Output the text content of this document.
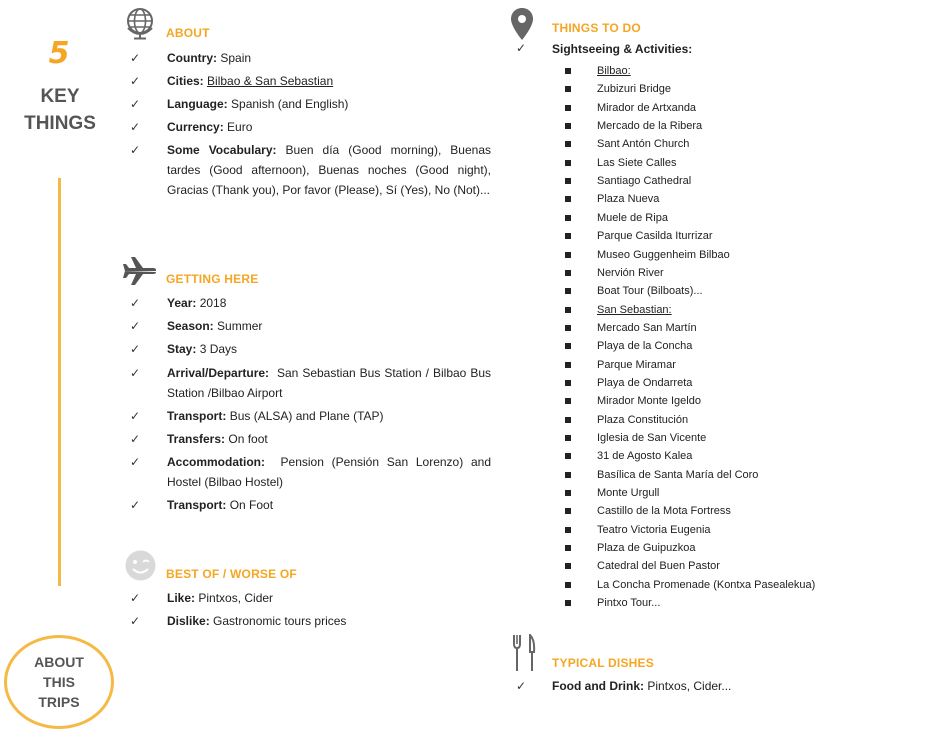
5
KEY
THINGS
ABOUT
THIS
TRIPS
ABOUT
✓ Country: Spain
✓ Cities: Bilbao & San Sebastian
✓ Language: Spanish (and English)
✓ Currency: Euro
✓ Some Vocabulary: Buen día (Good morning), Buenas tardes (Good afternoon), Buenas noches (Good night), Gracias (Thank you), Por favor (Please), Sí (Yes), No (Not)...
GETTING HERE
✓ Year: 2018
✓ Season: Summer
✓ Stay: 3 Days
✓ Arrival/Departure: San Sebastian Bus Station / Bilbao Bus Station /Bilbao Airport
✓ Transport: Bus (ALSA) and Plane (TAP)
✓ Transfers: On foot
✓ Accommodation: Pension (Pensión San Lorenzo) and Hostel (Bilbao Hostel)
✓ Transport: On Foot
BEST OF / WORSE OF
✓ Like: Pintxos, Cider
✓ Dislike: Gastronomic tours prices
THINGS TO DO
✓ Sightseeing & Activities:
Bilbao:
Zubizuri Bridge
Mirador de Artxanda
Mercado de la Ribera
Sant Antón Church
Las Siete Calles
Santiago Cathedral
Plaza Nueva
Muele de Ripa
Parque Casilda Iturrizar
Museo Guggenheim Bilbao
Nervión River
Boat Tour (Bilboats)...
San Sebastian:
Mercado San Martín
Playa de la Concha
Parque Miramar
Playa de Ondarreta
Mirador Monte Igeldo
Plaza Constitución
Iglesia de San Vicente
31 de Agosto Kalea
Basílica de Santa María del Coro
Monte Urgull
Castillo de la Mota Fortress
Teatro Victoria Eugenia
Plaza de Guipuzkoa
Catedral del Buen Pastor
La Concha Promenade (Kontxa Pasealekua)
Pintxo Tour...
TYPICAL DISHES
✓ Food and Drink: Pintxos, Cider...
